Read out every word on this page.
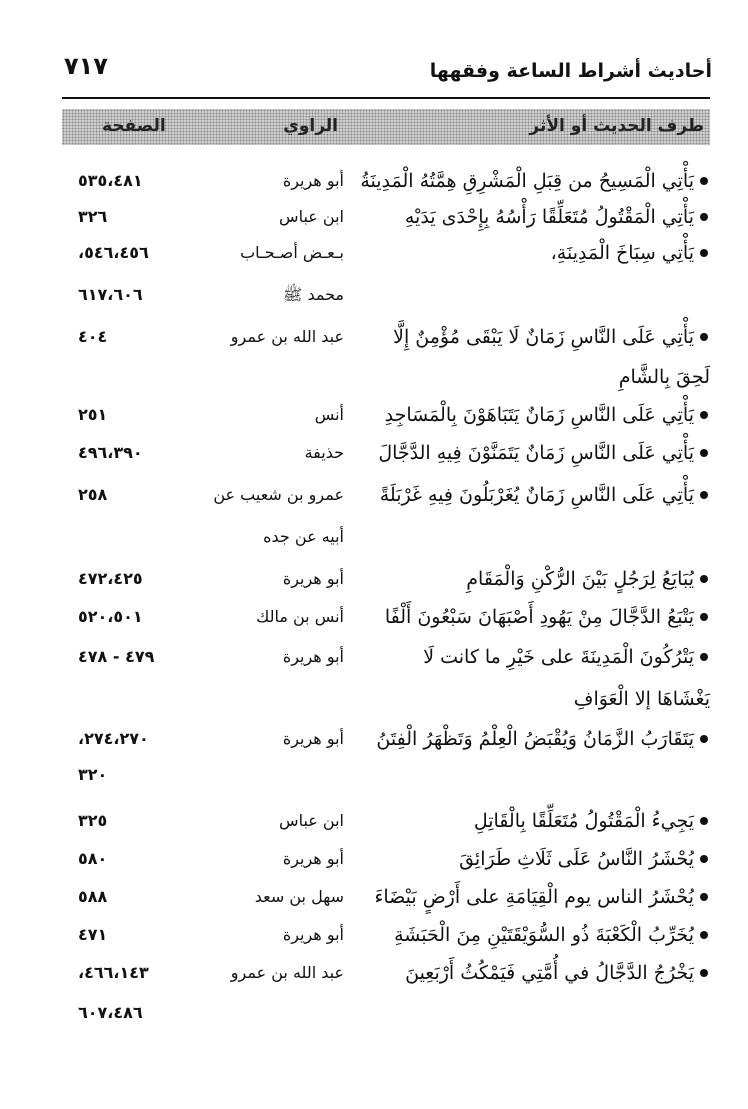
أحاديث أشراط الساعة وفقهها
٧١٧
طرف الحديث أو الأثر
الراوي
الصفحة
يَأْتِي الْمَسِيحُ من قِبَلِ الْمَشْرِقِ هِمَّتُهُ الْمَدِينَةُ
أبو هريرة
٥٣٥،٤٨١
يَأْتِي الْمَقْتُولُ مُتَعَلِّقًا رَأْسُهُ بِإِحْدَى يَدَيْهِ
ابن عباس
٣٢٦
يَأْتِي سِبَاخَ الْمَدِينَةِ،
بـعـض أصـحـاب
٥٤٦،٤٥٦،
محمد ﷺ
٦١٧،٦٠٦
يَأْتِي عَلَى النَّاسِ زَمَانٌ لَا يَبْقَى مُؤْمِنٌ إِلَّا
عبد الله بن عمرو
٤٠٤
لَحِقَ بِالشَّامِ
يَأْتِي عَلَى النَّاسِ زَمَانٌ يَتَبَاهَوْنَ بِالْمَسَاجِدِ
أنس
٢٥١
يَأْتِي عَلَى النَّاسِ زَمَانٌ يَتَمَنَّوْنَ فِيهِ الدَّجَّالَ
حذيفة
٤٩٦،٣٩٠
يَأْتِي عَلَى النَّاسِ زَمَانٌ يُغَرْبَلُونَ فِيهِ غَرْبَلَةً
عمرو بن شعيب عن
٢٥٨
أبيه عن جده
يُبَايَعُ لِرَجُلٍ بَيْنَ الرُّكْنِ وَالْمَقَامِ
أبو هريرة
٤٧٢،٤٢٥
يَتْبَعُ الدَّجَّالَ مِنْ يَهُودِ أَصْبَهَانَ سَبْعُونَ أَلْفًا
أنس بن مالك
٥٢٠،٥٠١
يَتْرُكُونَ الْمَدِينَةَ على خَيْرِ ما كانت لَا
أبو هريرة
٤٧٩ - ٤٧٨
يَغْشَاهَا إلا الْعَوَافِ
يَتَقَارَبُ الزَّمَانُ وَيُقْبَضُ الْعِلْمُ وَتَظْهَرُ الْفِتَنُ
أبو هريرة
٢٧٤،٢٧٠،
٣٢٠
يَجِيءُ الْمَقْتُولُ مُتَعَلِّقًا بِالْقَاتِلِ
ابن عباس
٣٢٥
يُحْشَرُ النَّاسُ عَلَى ثَلَاثِ طَرَائِقَ
أبو هريرة
٥٨٠
يُحْشَرُ الناس يوم الْقِيَامَةِ على أَرْضٍ بَيْضَاءَ
سهل بن سعد
٥٨٨
يُخَرِّبُ الْكَعْبَةَ ذُو السُّوَيْقَتَيْنِ مِنَ الْحَبَشَةِ
أبو هريرة
٤٧١
يَخْرُجُ الدَّجَّالُ في أُمَّتِي فَيَمْكُثُ أَرْبَعِينَ
عبد الله بن عمرو
٤٦٦،١٤٣،
٦٠٧،٤٨٦
